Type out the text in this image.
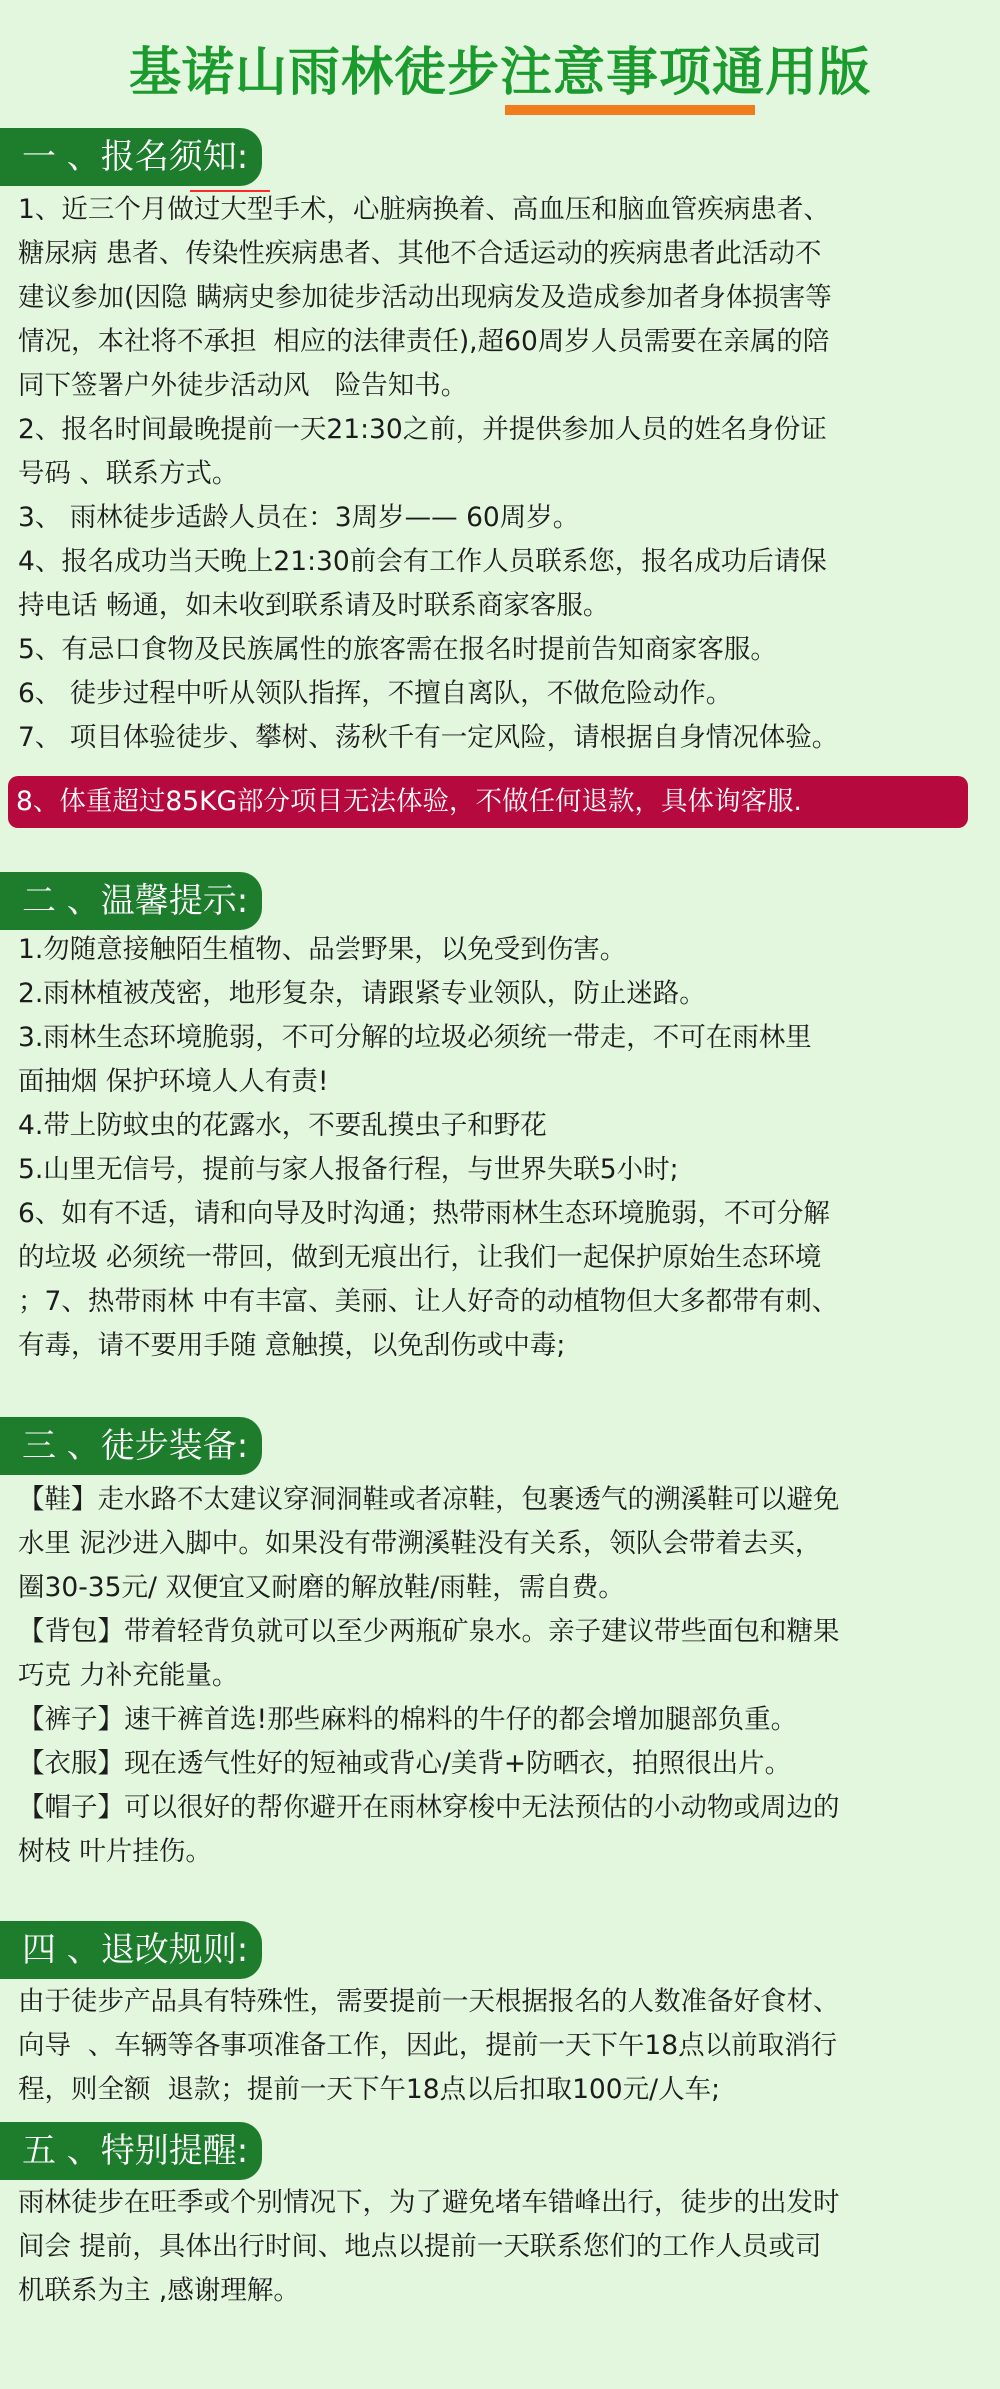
基诺山雨林徒步注意事项通用版
一 、报名须知:
1、近三个月做过大型手术，心脏病换着、高血压和脑血管疾病患者、
糖尿病 患者、传染性疾病患者、其他不合适运动的疾病患者此活动不
建议参加(因隐 瞒病史参加徒步活动出现病发及造成参加者身体损害等
情况，本社将不承担  相应的法律责任),超60周岁人员需要在亲属的陪
同下签署户外徒步活动风   险告知书。
2、报名时间最晚提前一天21:30之前，并提供参加人员的姓名身份证
号码 、联系方式。
3、 雨林徒步适龄人员在：3周岁—— 60周岁。
4、报名成功当天晚上21:30前会有工作人员联系您，报名成功后请保
持电话 畅通，如未收到联系请及时联系商家客服。
5、有忌口食物及民族属性的旅客需在报名时提前告知商家客服。
6、 徒步过程中听从领队指挥，不擅自离队，不做危险动作。
7、 项目体验徒步、攀树、荡秋千有一定风险，请根据自身情况体验。
8、体重超过85KG部分项目无法体验，不做任何退款，具体询客服.
二 、温馨提示:
1.勿随意接触陌生植物、品尝野果，以免受到伤害。
2.雨林植被茂密，地形复杂，请跟紧专业领队，防止迷路。
3.雨林生态环境脆弱，不可分解的垃圾必须统一带走，不可在雨林里
面抽烟 保护环境人人有责!
4.带上防蚊虫的花露水，不要乱摸虫子和野花
5.山里无信号，提前与家人报备行程，与世界失联5小时;
6、如有不适，请和向导及时沟通；热带雨林生态环境脆弱，不可分解
的垃圾 必须统一带回，做到无痕出行，让我们一起保护原始生态环境
；7、热带雨林 中有丰富、美丽、让人好奇的动植物但大多都带有刺、
有毒，请不要用手随 意触摸，以免刮伤或中毒;
三 、徒步装备:
【鞋】走水路不太建议穿洞洞鞋或者凉鞋，包裹透气的溯溪鞋可以避免
水里 泥沙进入脚中。如果没有带溯溪鞋没有关系，领队会带着去买，
圈30-35元/ 双便宜又耐磨的解放鞋/雨鞋，需自费。
【背包】带着轻背负就可以至少两瓶矿泉水。亲子建议带些面包和糖果
巧克 力补充能量。
【裤子】速干裤首选!那些麻料的棉料的牛仔的都会增加腿部负重。
【衣服】现在透气性好的短袖或背心/美背+防晒衣，拍照很出片。
【帽子】可以很好的帮你避开在雨林穿梭中无法预估的小动物或周边的
树枝 叶片挂伤。
四 、退改规则:
由于徒步产品具有特殊性，需要提前一天根据报名的人数准备好食材、
向导  、车辆等各事项准备工作，因此，提前一天下午18点以前取消行
程，则全额  退款；提前一天下午18点以后扣取100元/人车;
五 、特别提醒:
雨林徒步在旺季或个别情况下，为了避免堵车错峰出行，徒步的出发时
间会 提前，具体出行时间、地点以提前一天联系您们的工作人员或司
机联系为主 ,感谢理解。
